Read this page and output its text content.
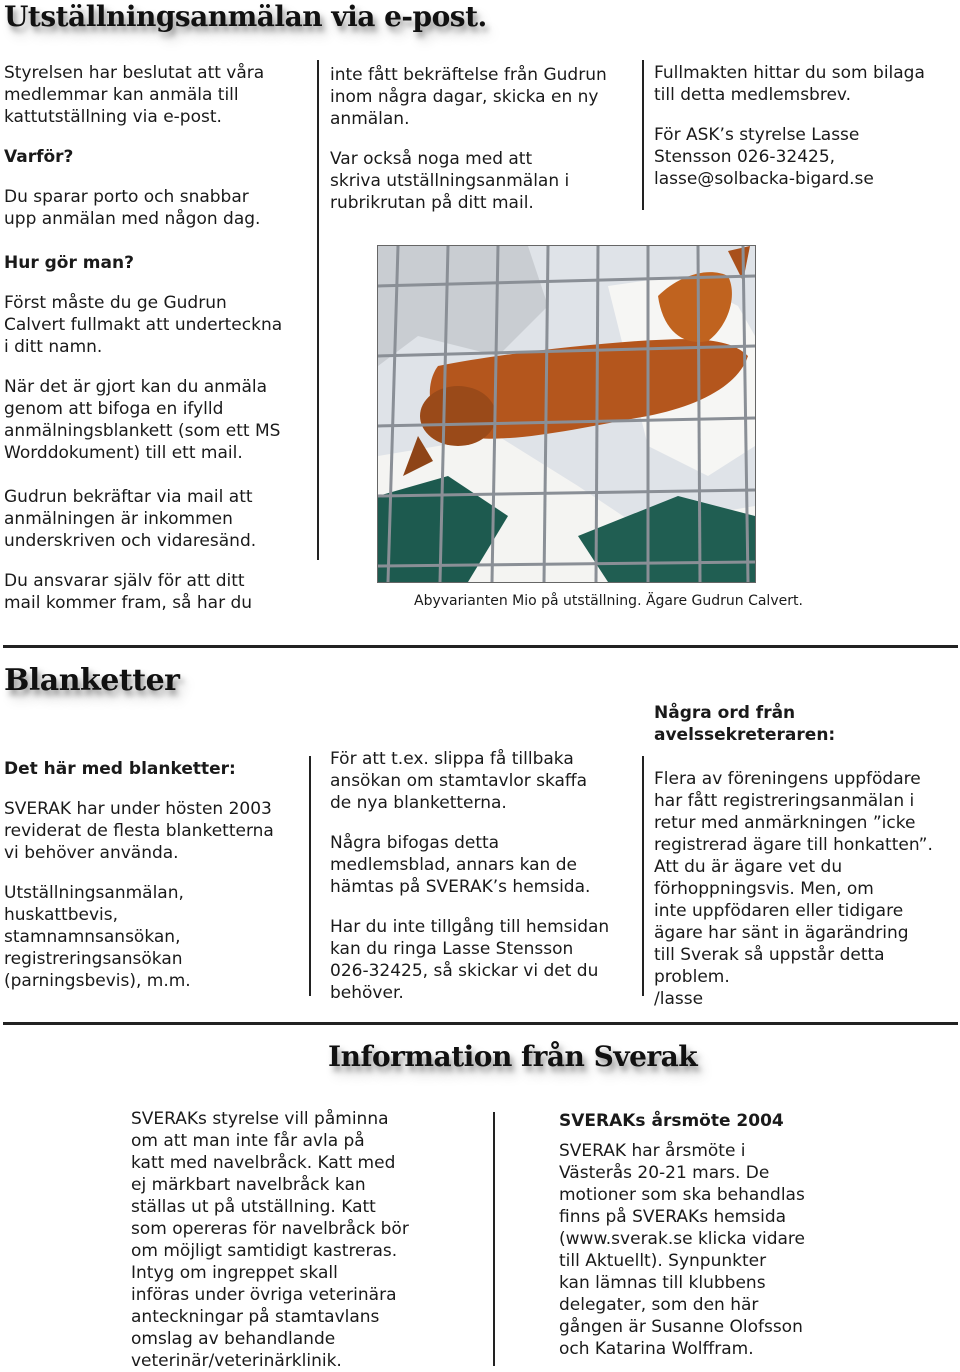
Utställningsanmälan via e-post.

Styrelsen har beslutat att våra
medlemmar kan anmäla till
kattutställning via e-post.

Varför?

Du sparar porto och snabbar
upp anmälan med någon dag.

Hur gör man?

Först måste du ge Gudrun
Calvert fullmakt att underteckna
i ditt namn.

När det är gjort kan du anmäla
genom att bifoga en ifylld
anmälningsblankett (som ett MS
Worddokument) till ett mail.

Gudrun bekräftar via mail att
anmälningen är inkommen
underskriven och vidaresänd.

Du ansvarar själv för att ditt
mail kommer fram, så har du

inte fått bekräftelse från Gudrun
inom några dagar, skicka en ny
anmälan.

Var också noga med att
skriva utställningsanmälan i
rubrikrutan på ditt mail.

Fullmakten hittar du som bilaga
till detta medlemsbrev.

För ASK’s styrelse Lasse
Stensson 026-32425,
lasse@solbacka-bigard.se

Abyvarianten Mio på utställning. Ägare Gudrun Calvert.

Blanketter

Det här med blanketter:

SVERAK har under hösten 2003
reviderat de flesta blanketterna
vi behöver använda.

Utställningsanmälan,
huskattbevis,
stamnamnsansökan,
registreringsansökan
(parningsbevis), m.m.

För att t.ex. slippa få tillbaka
ansökan om stamtavlor skaffa
de nya blanketterna.

Några bifogas detta
medlemsblad, annars kan de
hämtas på SVERAK’s hemsida.

Har du inte tillgång till hemsidan
kan du ringa Lasse Stensson
026-32425, så skickar vi det du
behöver.

Några ord från
avelssekreteraren:

Flera av föreningens uppfödare
har fått registreringsanmälan i
retur med anmärkningen ”icke
registrerad ägare till honkatten”.
Att du är ägare vet du
förhoppningsvis. Men, om
inte uppfödaren eller tidigare
ägare har sänt in ägarändring
till Sverak så uppstår detta
problem.
/lasse

Information från Sverak

SVERAKs styrelse vill påminna
om att man inte får avla på
katt med navelbråck. Katt med
ej märkbart navelbråck kan
ställas ut på utställning. Katt
som opereras för navelbråck bör
om möjligt samtidigt kastreras.
Intyg om ingreppet skall
införas under övriga veterinära
anteckningar på stamtavlans
omslag av behandlande
veterinär/veterinärklinik.

SVERAKs årsmöte 2004

SVERAK har årsmöte i
Västerås 20-21 mars. De
motioner som ska behandlas
finns på SVERAKs hemsida
(www.sverak.se klicka vidare
till Aktuellt). Synpunkter
kan lämnas till klubbens
delegater, som den här
gången är Susanne Olofsson
och Katarina Wolffram.
